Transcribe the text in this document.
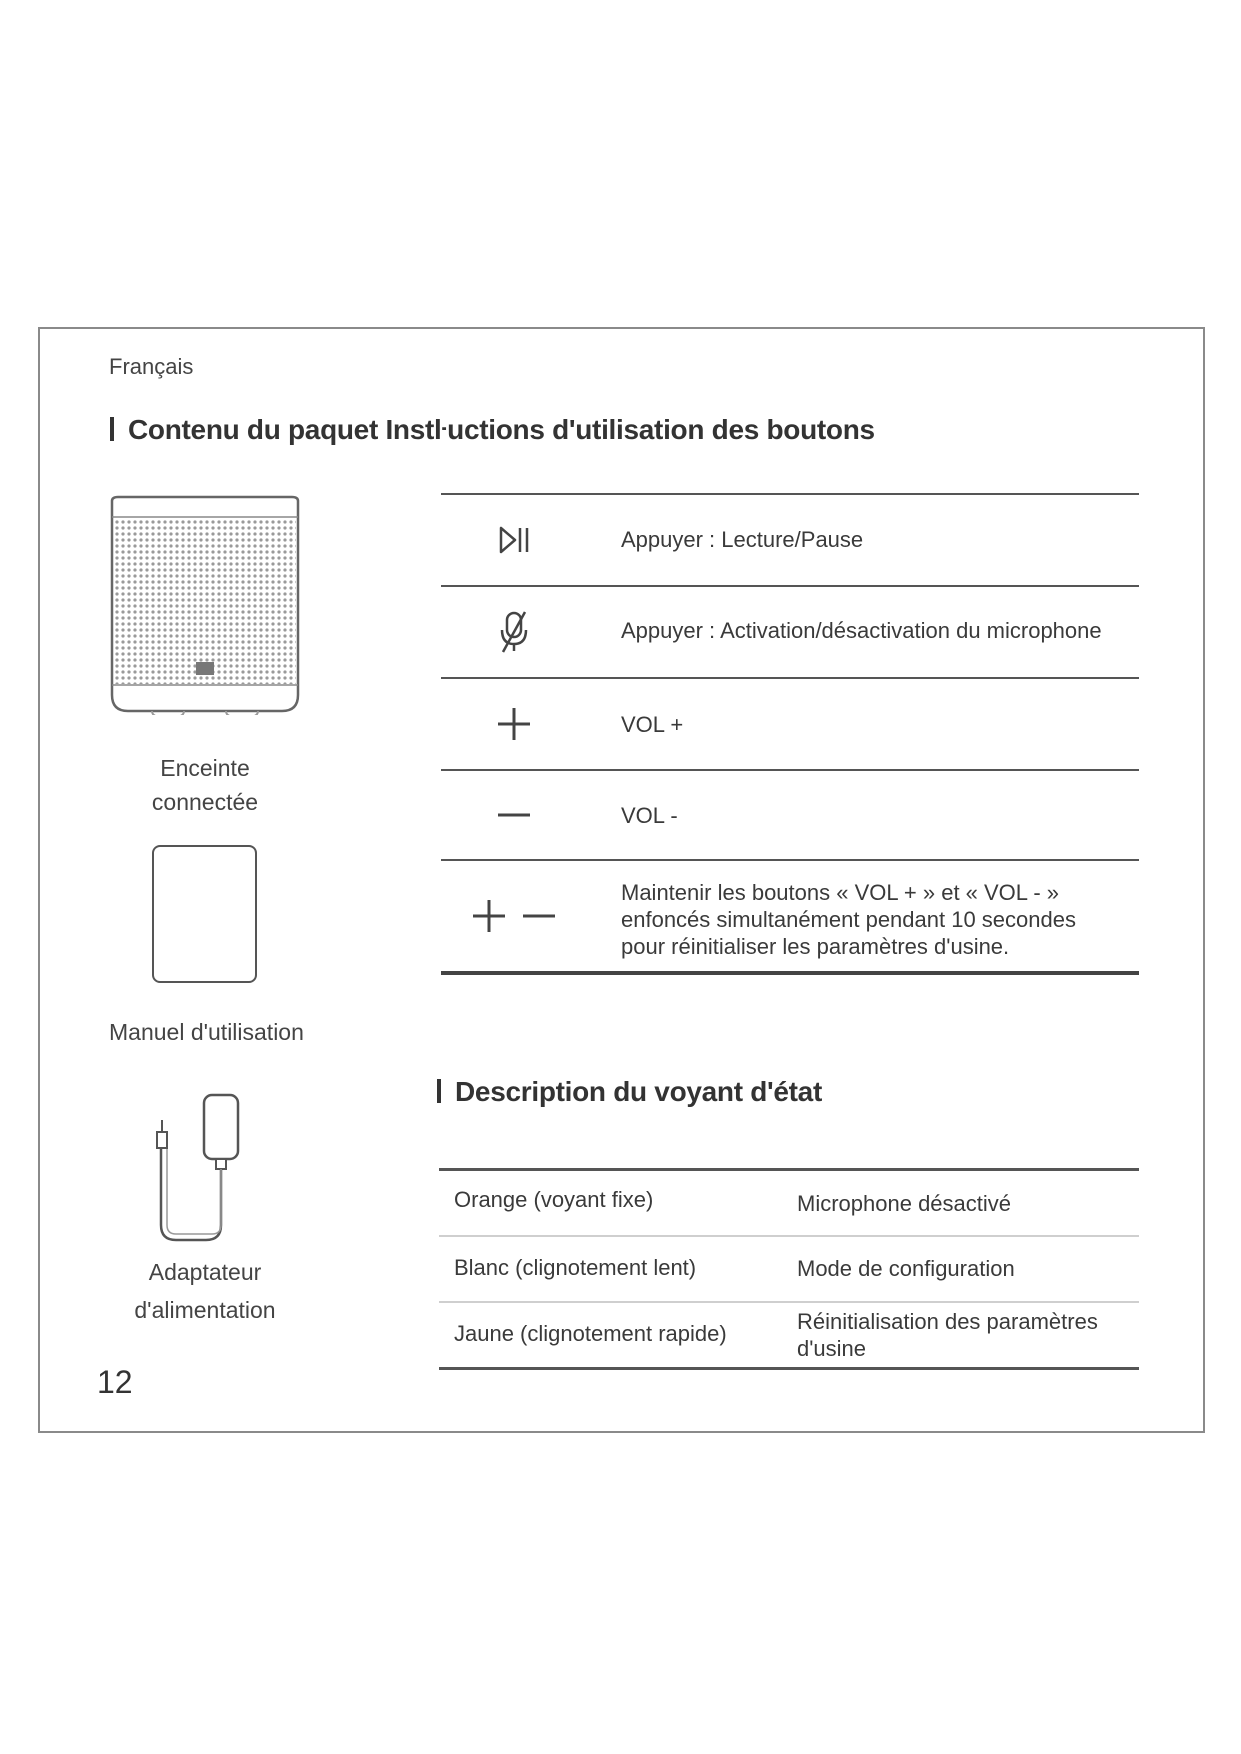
Français
Contenu du paquet Instŀuctions d'utilisation des boutons
Enceinte connectée
Manuel d'utilisation
Adaptateur
d'alimentation
12
Appuyer : Lecture/Pause
Appuyer : Activation/désactivation du microphone
VOL +
VOL -
Maintenir les boutons « VOL + » et « VOL - » enfoncés simultanément pendant 10 secondes pour réinitialiser les paramètres d'usine.
Description du voyant d'état
Orange (voyant fixe)	Microphone désactivé
Blanc (clignotement lent)	Mode de configuration
Jaune (clignotement rapide)	Réinitialisation des paramètres d'usine
